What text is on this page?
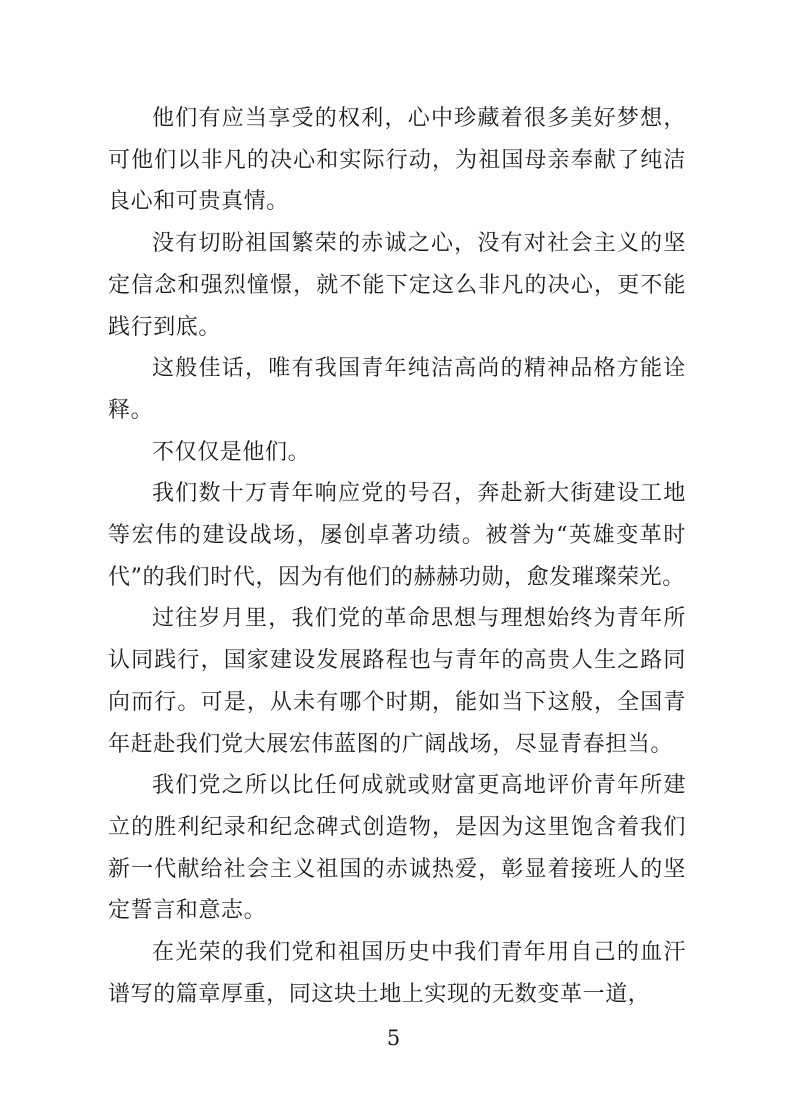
他们有应当享受的权利，心中珍藏着很多美好梦想，可他们以非凡的决心和实际行动，为祖国母亲奉献了纯洁良心和可贵真情。

没有切盼祖国繁荣的赤诚之心，没有对社会主义的坚定信念和强烈憧憬，就不能下定这么非凡的决心，更不能践行到底。

这般佳话，唯有我国青年纯洁高尚的精神品格方能诠释。

不仅仅是他们。

我们数十万青年响应党的号召，奔赴新大街建设工地等宏伟的建设战场，屡创卓著功绩。被誉为“英雄变革时代”的我们时代，因为有他们的赫赫功勋，愈发璀璨荣光。

过往岁月里，我们党的革命思想与理想始终为青年所认同践行，国家建设发展路程也与青年的高贵人生之路同向而行。可是，从未有哪个时期，能如当下这般，全国青年赶赴我们党大展宏伟蓝图的广阔战场，尽显青春担当。

我们党之所以比任何成就或财富更高地评价青年所建立的胜利纪录和纪念碑式创造物，是因为这里饱含着我们新一代献给社会主义祖国的赤诚热爱，彰显着接班人的坚定誓言和意志。

在光荣的我们党和祖国历史中我们青年用自己的血汗谱写的篇章厚重，同这块土地上实现的无数变革一道，

5
